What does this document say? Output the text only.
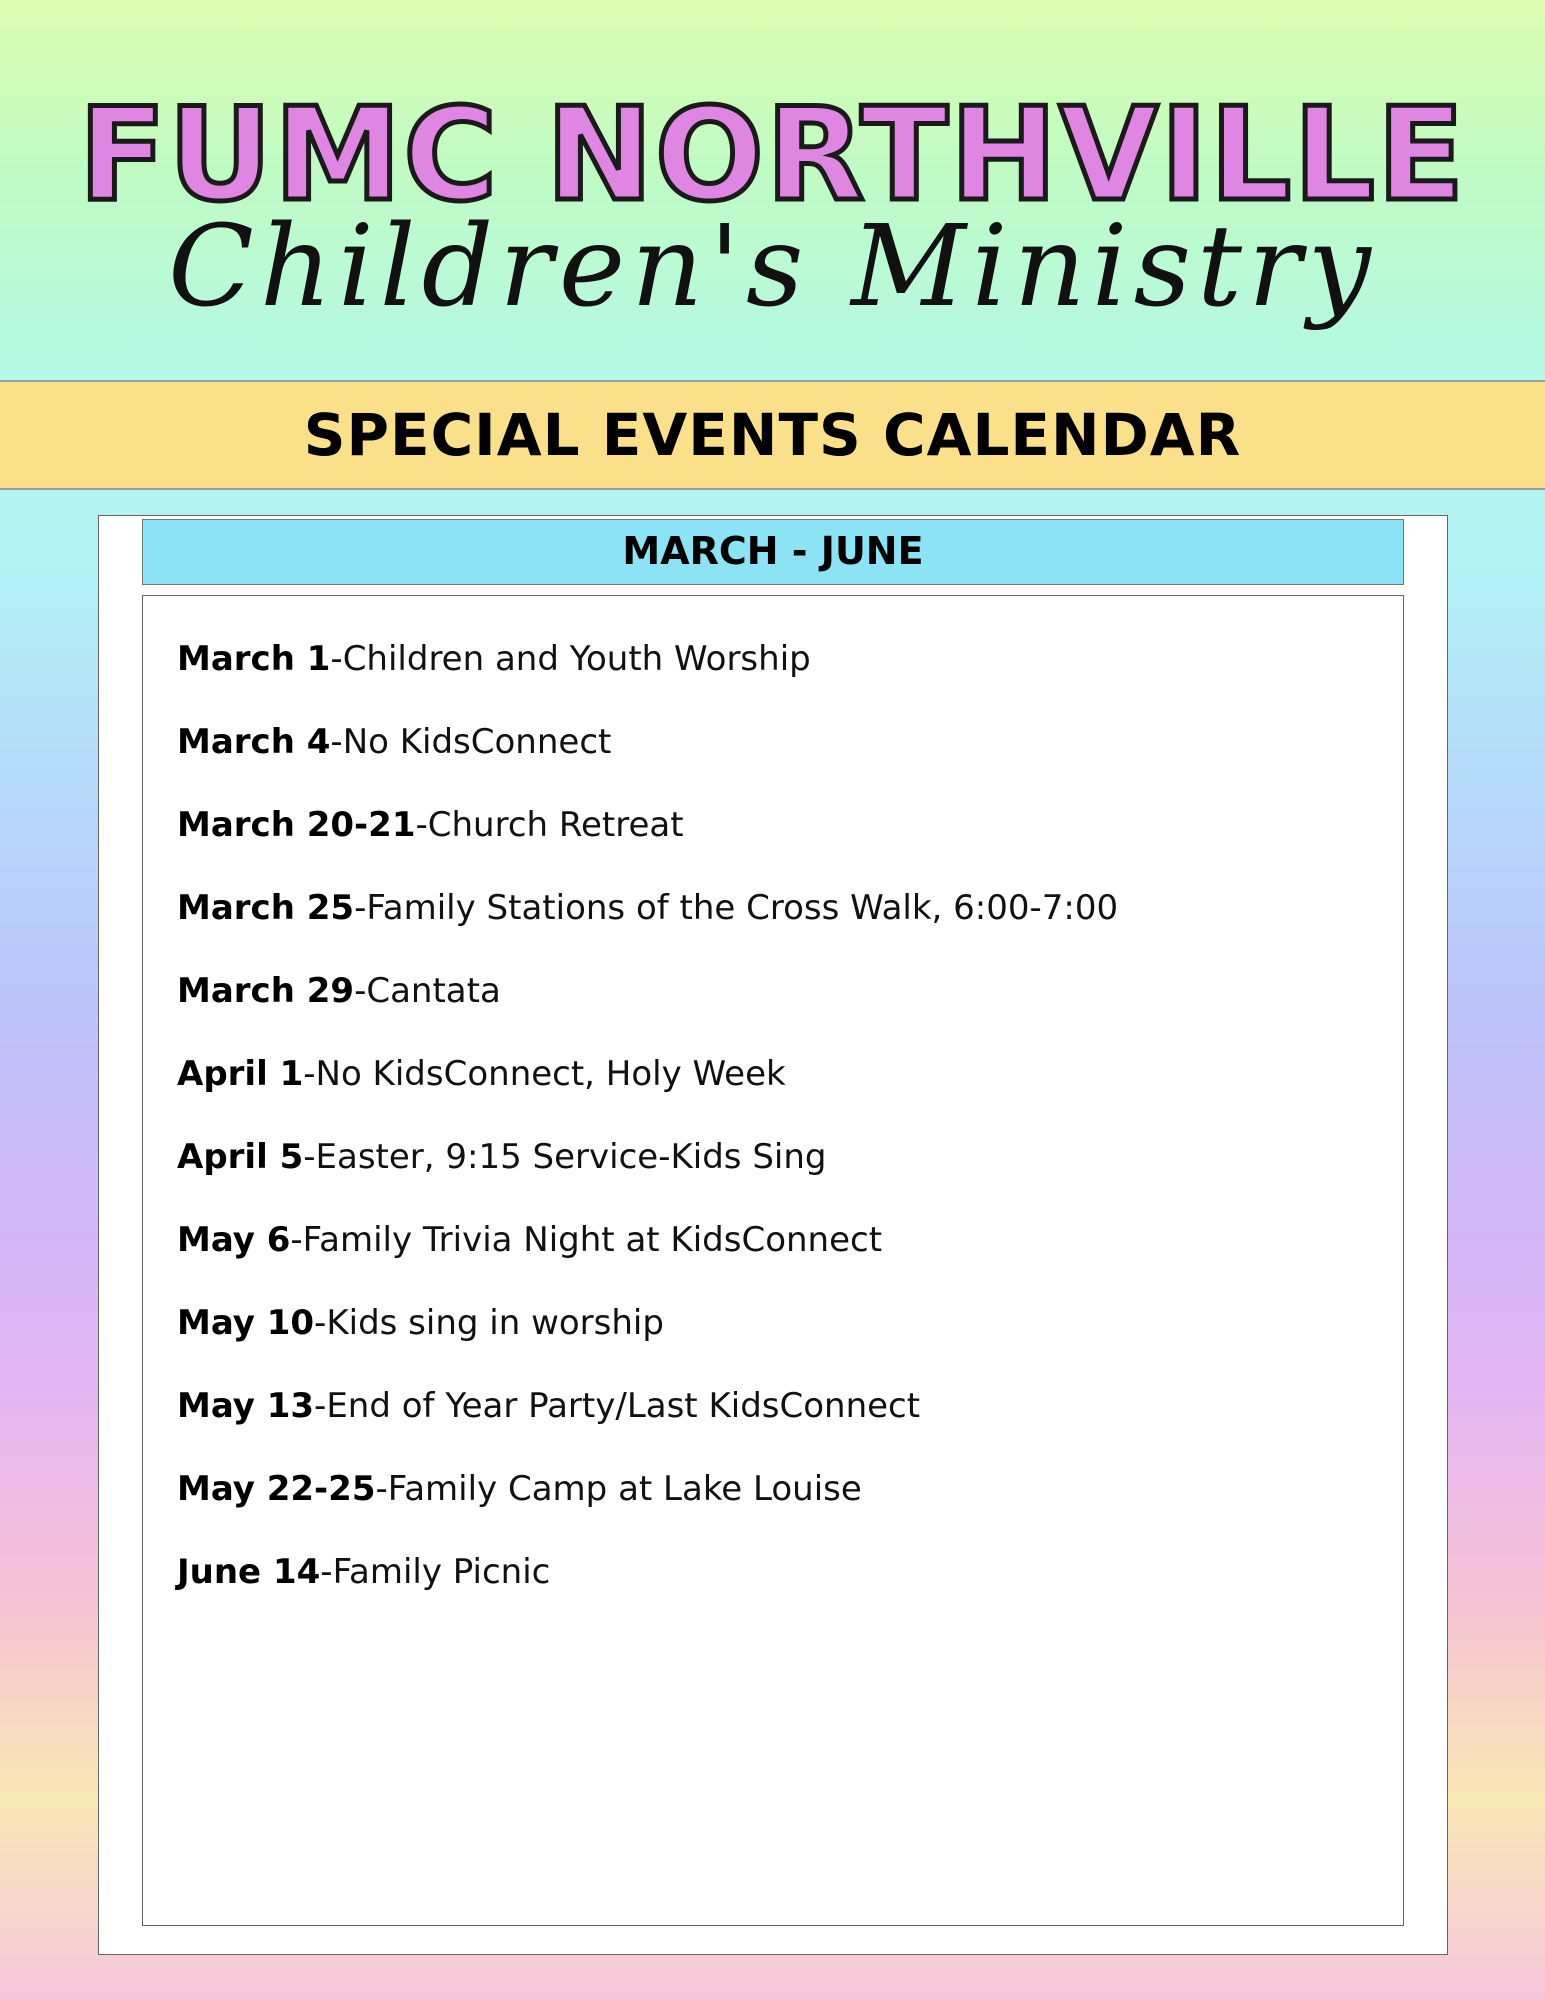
FUMC NORTHVILLE
Children's Ministry
SPECIAL EVENTS CALENDAR
MARCH - JUNE
March 1-Children and Youth Worship
March 4-No KidsConnect
March 20-21-Church Retreat
March 25-Family Stations of the Cross Walk, 6:00-7:00
March 29-Cantata
April 1-No KidsConnect, Holy Week
April 5-Easter, 9:15 Service-Kids Sing
May 6-Family Trivia Night at KidsConnect
May 10-Kids sing in worship
May 13-End of Year Party/Last KidsConnect
May 22-25-Family Camp at Lake Louise
June 14-Family Picnic
